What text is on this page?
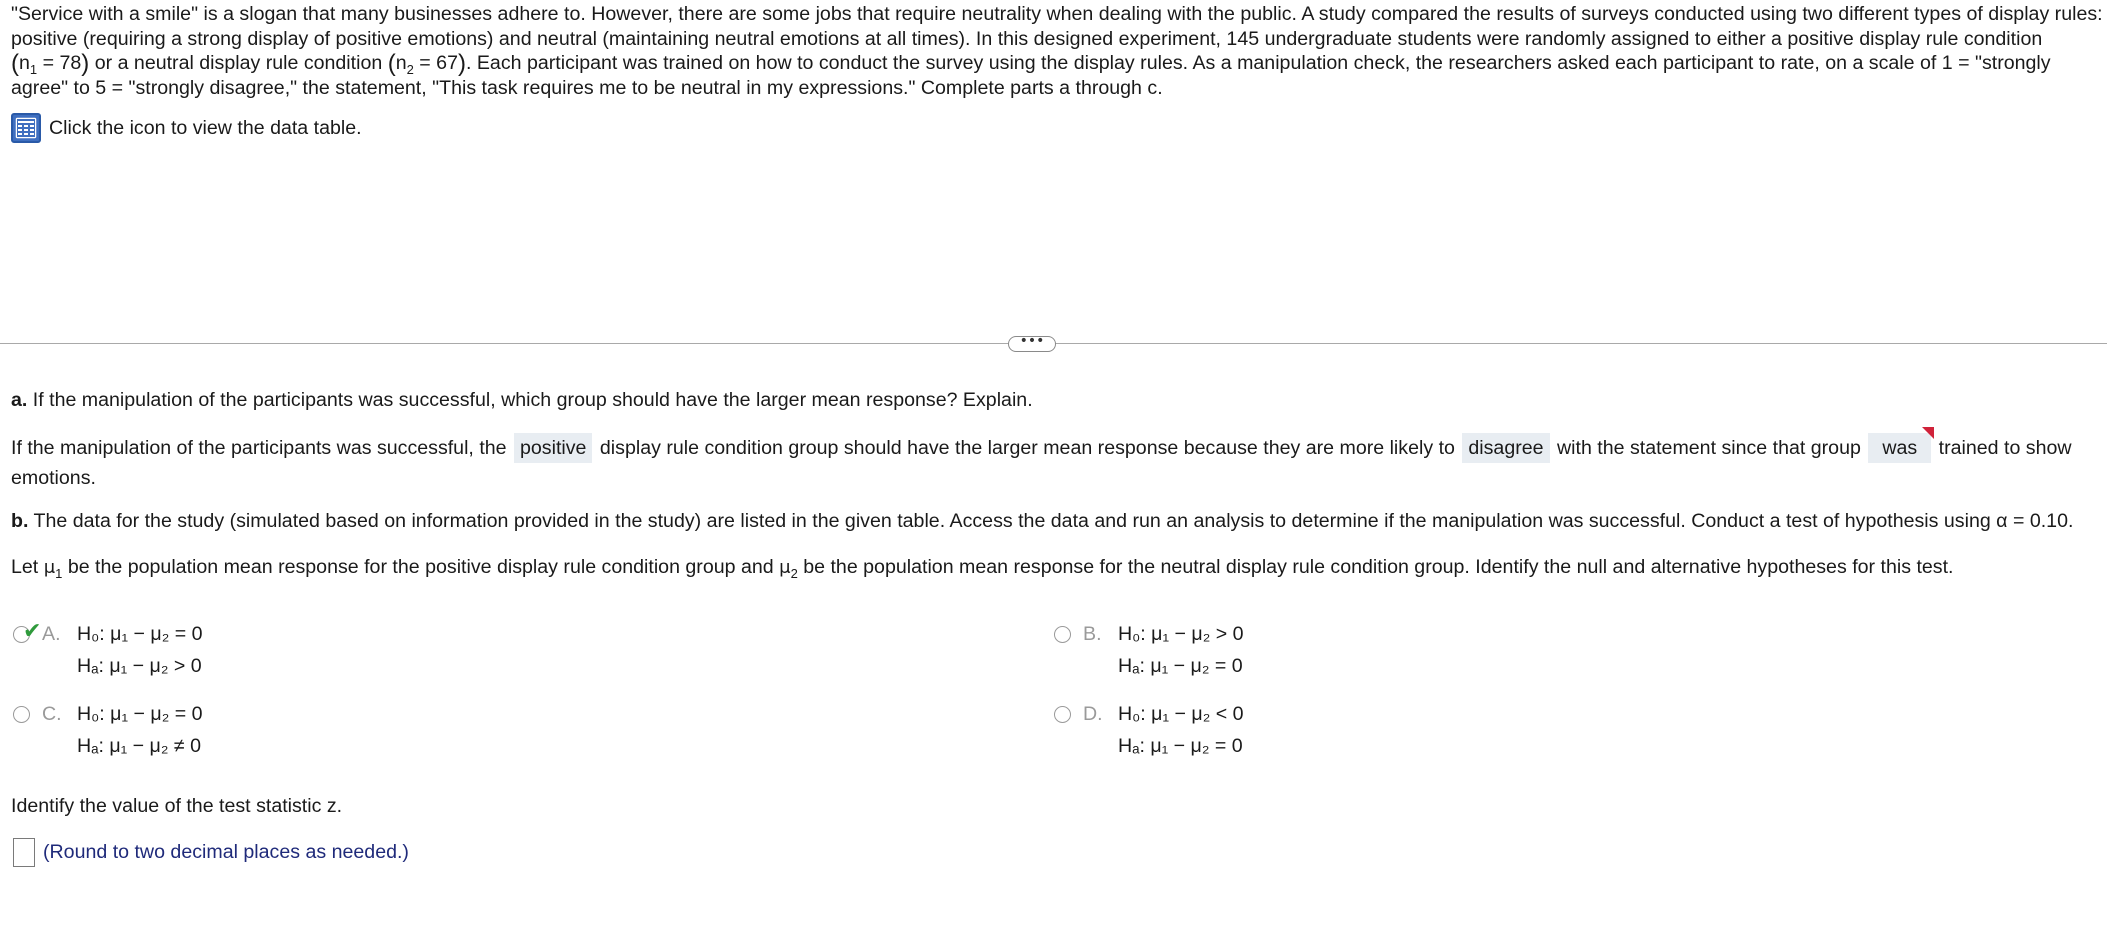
"Service with a smile" is a slogan that many businesses adhere to. However, there are some jobs that require neutrality when dealing with the public. A study compared the results of surveys conducted using two different types of display rules:

positive (requiring a strong display of positive emotions) and neutral (maintaining neutral emotions at all times). In this designed experiment, 145 undergraduate students were randomly assigned to either a positive display rule condition

$(n_1 = 78)$ or a neutral display rule condition $(n_2 = 67)$. Each participant was trained on how to conduct the survey using the display rules. As a manipulation check, the researchers asked each participant to rate, on a scale of 1 = "strongly

agree" to 5 = "strongly disagree," the statement, "This task requires me to be neutral in my expressions." Complete parts a through c.

Click the icon to view the data table.
•••
a. If the manipulation of the participants was successful, which group should have the larger mean response? Explain.
If the manipulation of the participants was successful, the positive display rule condition group should have the larger mean response because they are more likely to disagree with the statement since that group was trained to show emotions.
b. The data for the study (simulated based on information provided in the study) are listed in the given table. Access the data and run an analysis to determine if the manipulation was successful. Conduct a test of hypothesis using α = 0.10.
Let $\mu_1$ be the population mean response for the positive display rule condition group and $\mu_2$ be the population mean response for the neutral display rule condition group. Identify the null and alternative hypotheses for this test.
✔ A. H₀: μ₁ − μ₂ = 0
Hₐ: μ₁ − μ₂ > 0
B. H₀: μ₁ − μ₂ > 0
Hₐ: μ₁ − μ₂ = 0
C. H₀: μ₁ − μ₂ = 0
Hₐ: μ₁ − μ₂ ≠ 0
D. H₀: μ₁ − μ₂ < 0
Hₐ: μ₁ − μ₂ = 0
Identify the value of the test statistic z.
(Round to two decimal places as needed.)
